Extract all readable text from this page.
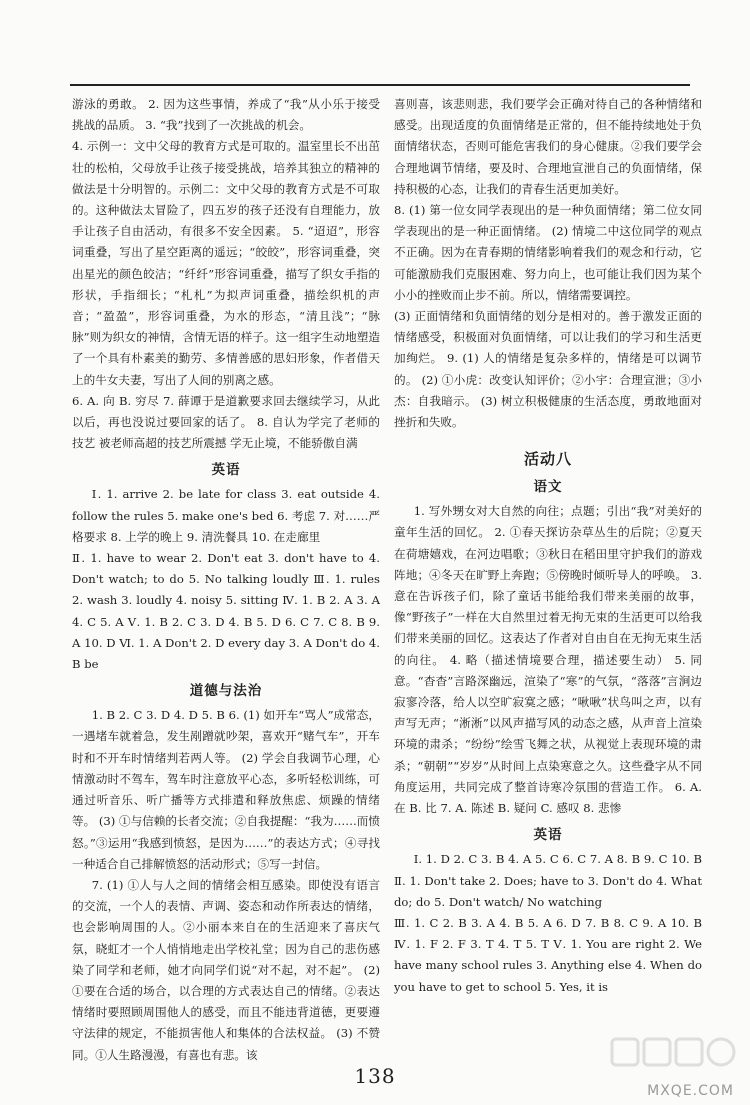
游泳的勇敢。 2. 因为这些事情，养成了“我”从小乐于接受挑战的品质。 3. “我”找到了一次挑战的机会。
4. 示例一：文中父母的教育方式是可取的。温室里长不出茁壮的松柏，父母放手让孩子接受挑战，培养其独立的精神的做法是十分明智的。示例二：文中父母的教育方式是不可取的。这种做法太冒险了，四五岁的孩子还没有自理能力，放手让孩子自由活动，有很多不安全因素。 5. “迢迢”，形容词重叠，写出了星空距离的遥远；“皎皎”，形容词重叠，突出星光的颜色皎洁；“纤纤”形容词重叠，描写了织女手指的形状，手指细长；“札札”为拟声词重叠，描绘织机的声音；“盈盈”，形容词重叠，为水的形态，“清且浅”；“脉脉”则为织女的神情，含情无语的样子。这一组字生动地塑造了一个具有朴素美的勤劳、多情善感的思妇形象，作者借天上的牛女夫妻，写出了人间的别离之感。
6. A. 向 B. 穷尽 7. 薛谭于是道歉要求回去继续学习，从此以后，再也没说过要回家的话了。 8. 自认为学完了老师的技艺 被老师高超的技艺所震撼 学无止境，不能骄傲自满
英语
Ⅰ. 1. arrive 2. be late for class 3. eat outside 4. follow the rules 5. make one's bed 6. 考虑 7. 对……严格要求 8. 上学的晚上 9. 清洗餐具 10. 在走廊里
Ⅱ. 1. have to wear 2. Don't eat 3. don't have to 4. Don't watch; to do 5. No talking loudly Ⅲ. 1. rules 2. wash 3. loudly 4. noisy 5. sitting Ⅳ. 1. B 2. A 3. A 4. C 5. A Ⅴ. 1. B 2. C 3. D 4. B 5. D 6. C 7. C 8. B 9. A 10. D Ⅵ. 1. A Don't 2. D every day 3. A Don't do 4. B be
道德与法治
1. B 2. C 3. D 4. D 5. B 6. (1) 如开车“骂人”成常态，一遇堵车就着急，发生剐蹭就吵架，喜欢开“赌气车”，开车时和不开车时情绪判若两人等。 (2) 学会自我调节心理，心情激动时不驾车，驾车时注意放平心态，多听轻松训练，可通过听音乐、听广播等方式排遣和释放焦虑、烦躁的情绪等。 (3) ①与信赖的长者交流；②自我提醒：“我为……而愤怒。”③运用“我感到愤怒，是因为……”的表达方式；④寻找一种适合自己排解愤怒的活动形式；⑤写一封信。
7. (1) ①人与人之间的情绪会相互感染。即使没有语言的交流，一个人的表情、声调、姿态和动作所表达的情绪，也会影响周围的人。②小丽本来自在的生活迎来了喜庆气氛，晓虹才一个人悄悄地走出学校礼堂；因为自己的悲伤感染了同学和老师，她才向同学们说“对不起，对不起”。 (2) ①要在合适的场合，以合理的方式表达自己的情绪。②表达情绪时要照顾周围他人的感受，而且不能违背道德，更要遵守法律的规定，不能损害他人和集体的合法权益。 (3) 不赞同。①人生路漫漫，有喜也有悲。该
喜则喜，该悲则悲，我们要学会正确对待自己的各种情绪和感受。出现适度的负面情绪是正常的，但不能持续地处于负面情绪状态，否则可能危害我们的身心健康。②我们要学会合理地调节情绪，要及时、合理地宣泄自己的负面情绪，保持积极的心态，让我们的青春生活更加美好。
8. (1) 第一位女同学表现出的是一种负面情绪；第二位女同学表现出的是一种正面情绪。 (2) 情境二中这位同学的观点不正确。因为在青春期的情绪影响着我们的观念和行动，它可能激励我们克服困难、努力向上，也可能让我们因为某个小小的挫败而止步不前。所以，情绪需要调控。
(3) 正面情绪和负面情绪的划分是相对的。善于激发正面的情绪感受，积极面对负面情绪，可以让我们的学习和生活更加绚烂。 9. (1) 人的情绪是复杂多样的，情绪是可以调节的。 (2) ①小虎：改变认知评价；②小宇：合理宣泄；③小杰：自我暗示。 (3) 树立积极健康的生活态度，勇敢地面对挫折和失败。
活动八
语文
1. 写外甥女对大自然的向往；点题；引出“我”对美好的童年生活的回忆。 2. ①春天探访杂草丛生的后院；②夏天在荷塘嬉戏，在河边唱歌；③秋日在稻田里守护我们的游戏阵地；④冬天在旷野上奔跑；⑤傍晚时倾听导人的呼唤。 3. 意在告诉孩子们，除了童话书能给我们带来美丽的故事，像“野孩子”一样在大自然里过着无拘无束的生活更可以给我们带来美丽的回忆。这表达了作者对自由自在无拘无束生活的向往。 4. 略（描述情境要合理，描述要生动） 5. 同意。“杳杳”言路深幽远，渲染了“寒”的气氛，“落落”言涧边寂寥冷落，给人以空旷寂寞之感；“啾啾”状鸟叫之声，以有声写无声；“淅淅”以风声描写风的动态之感，从声音上渲染环境的肃杀；“纷纷”绘雪飞舞之状，从视觉上表现环境的肃杀；“朝朝”“岁岁”从时间上点染寒意之久。这些叠字从不同角度运用，共同完成了整首诗寒冷氛围的营造工作。 6. A. 在 B. 比 7. A. 陈述 B. 疑问 C. 感叹 8. 悲惨
英语
Ⅰ. 1. D 2. C 3. B 4. A 5. C 6. C 7. A 8. B 9. C 10. B Ⅱ. 1. Don't take 2. Does; have to 3. Don't do 4. What do; do 5. Don't watch/ No watching
Ⅲ. 1. C 2. B 3. A 4. B 5. A 6. D 7. B 8. C 9. A 10. B Ⅳ. 1. F 2. F 3. T 4. T 5. T Ⅴ. 1. You are right 2. We have many school rules 3. Anything else 4. When do you have to get to school 5. Yes, it is
138
MXQE.COM
